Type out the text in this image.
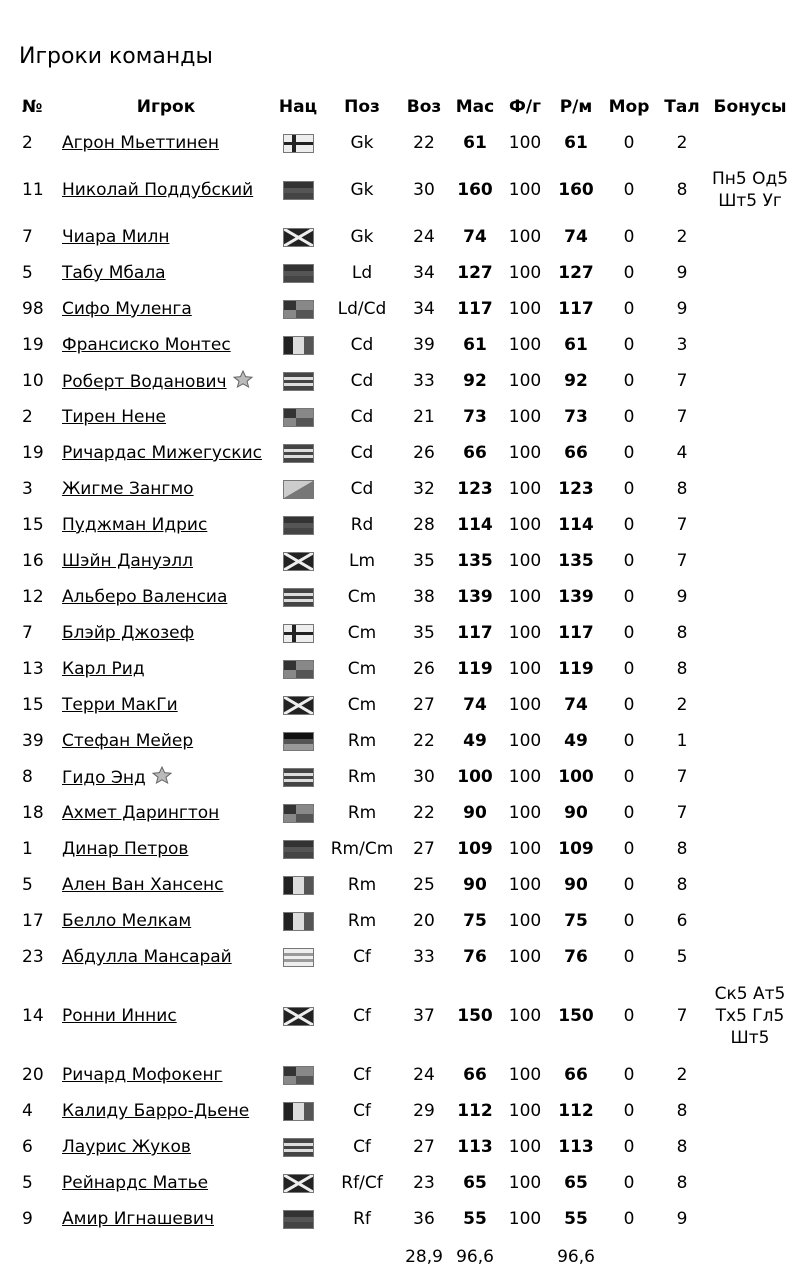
Игроки команды
№	Игрок	Нац	Поз	Воз	Мас	Ф/г	Р/м	Мор	Тал	Бонусы
2	Агрон Мьеттинен		Gk	22	61	100	61	0	2	
11	Николай Поддубский		Gk	30	160	100	160	0	8	Пн5 Од5
Шт5 Уг

7	Чиара Милн		Gk	24	74	100	74	0	2	
5	Табу Мбала		Ld	34	127	100	127	0	9	
98	Сифо Муленга		Ld/Cd	34	117	100	117	0	9	
19	Франсиско Монтес		Cd	39	61	100	61	0	3	
10	Роберт Воданович		Cd	33	92	100	92	0	7	
2	Тирен Нене		Cd	21	73	100	73	0	7	
19	Ричардас Мижегускис		Cd	26	66	100	66	0	4	
3	Жигме Зангмо		Cd	32	123	100	123	0	8	
15	Пуджман Идрис		Rd	28	114	100	114	0	7	
16	Шэйн Дануэлл		Lm	35	135	100	135	0	7	
12	Альберо Валенсиа		Cm	38	139	100	139	0	9	
7	Блэйр Джозеф		Cm	35	117	100	117	0	8	
13	Карл Рид		Cm	26	119	100	119	0	8	
15	Терри МакГи		Cm	27	74	100	74	0	2	
39	Стефан Мейер		Rm	22	49	100	49	0	1	
8	Гидо Энд		Rm	30	100	100	100	0	7	
18	Ахмет Дарингтон		Rm	22	90	100	90	0	7	
1	Динар Петров		Rm/Cm	27	109	100	109	0	8	
5	Ален Ван Хансенс		Rm	25	90	100	90	0	8	
17	Белло Мелкам		Rm	20	75	100	75	0	6	
23	Абдулла Мансарай		Cf	33	76	100	76	0	5	
14	Ронни Иннис		Cf	37	150	100	150	0	7	Ск5 Ат5
Тх5 Гл5
Шт5

20	Ричард Мофокенг		Cf	24	66	100	66	0	2	
4	Калиду Барро-Дьене		Cf	29	112	100	112	0	8	
6	Лаурис Жуков		Cf	27	113	100	113	0	8	
5	Рейнардс Матье		Rf/Cf	23	65	100	65	0	8	
9	Амир Игнашевич		Rf	36	55	100	55	0	9	
				28,9	96,6		96,6			
